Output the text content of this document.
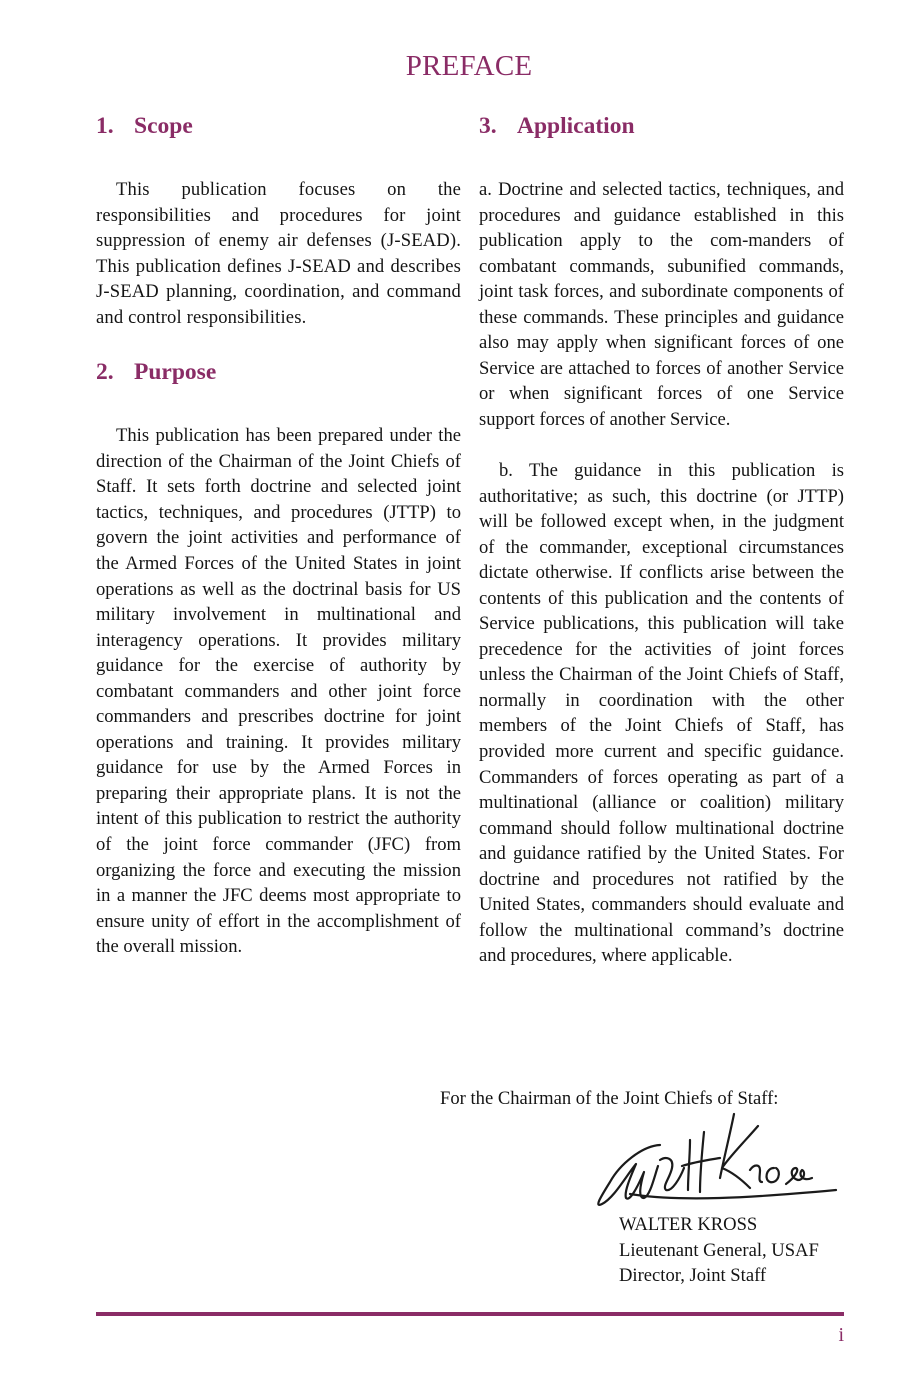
PREFACE
1. Scope

This publication focuses on the responsibilities and procedures for joint suppression of enemy air defenses (J-SEAD). This publication defines J-SEAD and describes J-SEAD planning, coordination, and command and control responsibilities.

2. Purpose

This publication has been prepared under the direction of the Chairman of the Joint Chiefs of Staff. It sets forth doctrine and selected joint tactics, techniques, and procedures (JTTP) to govern the joint activities and performance of the Armed Forces of the United States in joint operations as well as the doctrinal basis for US military involvement in multinational and interagency operations. It provides military guidance for the exercise of authority by combatant commanders and other joint force commanders and prescribes doctrine for joint operations and training. It provides military guidance for use by the Armed Forces in preparing their appropriate plans. It is not the intent of this publication to restrict the authority of the joint force commander (JFC) from organizing the force and executing the mission in a manner the JFC deems most appropriate to ensure unity of effort in the accomplishment of the overall mission.

3. Application

a. Doctrine and selected tactics, techniques, and procedures and guidance established in this publication apply to the com-manders of combatant commands, subunified commands, joint task forces, and subordinate components of these commands. These principles and guidance also may apply when significant forces of one Service are attached to forces of another Service or when significant forces of one Service support forces of another Service.

b. The guidance in this publication is authoritative; as such, this doctrine (or JTTP) will be followed except when, in the judgment of the commander, exceptional circumstances dictate otherwise. If conflicts arise between the contents of this publication and the contents of Service publications, this publication will take precedence for the activities of joint forces unless the Chairman of the Joint Chiefs of Staff, normally in coordination with the other members of the Joint Chiefs of Staff, has provided more current and specific guidance. Commanders of forces operating as part of a multinational (alliance or coalition) military command should follow multinational doctrine and guidance ratified by the United States. For doctrine and procedures not ratified by the United States, commanders should evaluate and follow the multinational command’s doctrine and procedures, where applicable.

For the Chairman of the Joint Chiefs of Staff:
WALTER KROSS
Lieutenant General, USAF
Director, Joint Staff
i
